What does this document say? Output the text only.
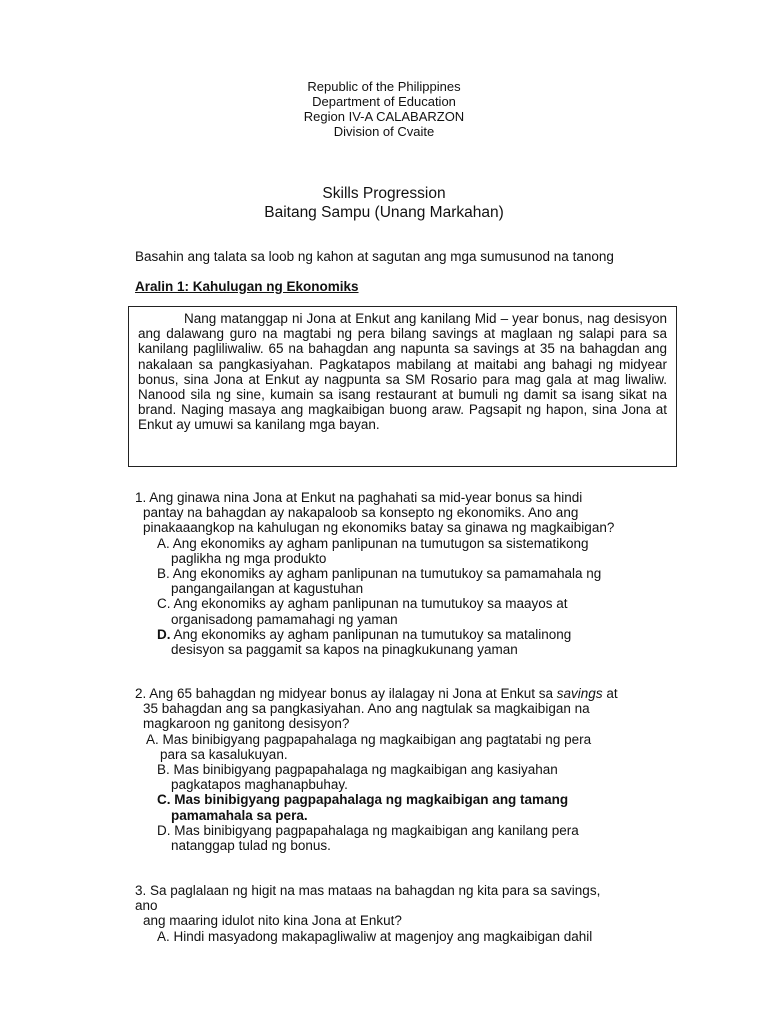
Republic of the Philippines
Department of Education
Region IV-A CALABARZON
Division of Cvaite
Skills Progression
Baitang Sampu (Unang Markahan)
Basahin ang talata sa loob ng kahon at sagutan ang mga sumusunod na tanong
Aralin 1: Kahulugan ng Ekonomiks

Nang matanggap ni Jona at Enkut ang kanilang Mid – year bonus, nag desisyon ang dalawang guro na magtabi ng pera bilang savings at maglaan ng salapi para sa kanilang pagliliwaliw. 65 na bahagdan ang napunta sa savings at 35 na bahagdan ang nakalaan sa pangkasiyahan. Pagkatapos mabilang at maitabi ang bahagi ng midyear bonus, sina Jona at Enkut ay nagpunta sa SM Rosario para mag gala at mag liwaliw. Nanood sila ng sine, kumain sa isang restaurant at bumuli ng damit sa isang sikat na brand. Naging masaya ang magkaibigan buong araw. Pagsapit ng hapon, sina Jona at Enkut ay umuwi sa kanilang mga bayan.

1. Ang ginawa nina Jona at Enkut na paghahati sa mid-year bonus sa hindi
pantay na bahagdan ay nakapaloob sa konsepto ng ekonomiks. Ano ang
pinakaaangkop na kahulugan ng ekonomiks batay sa ginawa ng magkaibigan?

A. Ang ekonomiks ay agham panlipunan na tumutugon sa sistematikong
paglikha ng mga produkto

B. Ang ekonomiks ay agham panlipunan na tumutukoy sa pamamahala ng
pangangailangan at kagustuhan

C. Ang ekonomiks ay agham panlipunan na tumutukoy sa maayos at
organisadong pamamahagi ng yaman

D. Ang ekonomiks ay agham panlipunan na tumutukoy sa matalinong
desisyon sa paggamit sa kapos na pinagkukunang yaman

2. Ang 65 bahagdan ng midyear bonus ay ilalagay ni Jona at Enkut sa savings at
35 bahagdan ang sa pangkasiyahan. Ano ang nagtulak sa magkaibigan na
magkaroon ng ganitong desisyon?

A. Mas binibigyang pagpapahalaga ng magkaibigan ang pagtatabi ng pera
para sa kasalukuyan.

B. Mas binibigyang pagpapahalaga ng magkaibigan ang kasiyahan
pagkatapos maghanapbuhay.

C. Mas binibigyang pagpapahalaga ng magkaibigan ang tamang
pamamahala sa pera.

D. Mas binibigyang pagpapahalaga ng magkaibigan ang kanilang pera
natanggap tulad ng bonus.

3. Sa paglalaan ng higit na mas mataas na bahagdan ng kita para sa savings,
ano
ang maaring idulot nito kina Jona at Enkut?

A. Hindi masyadong makapagliwaliw at magenjoy ang magkaibigan dahil
